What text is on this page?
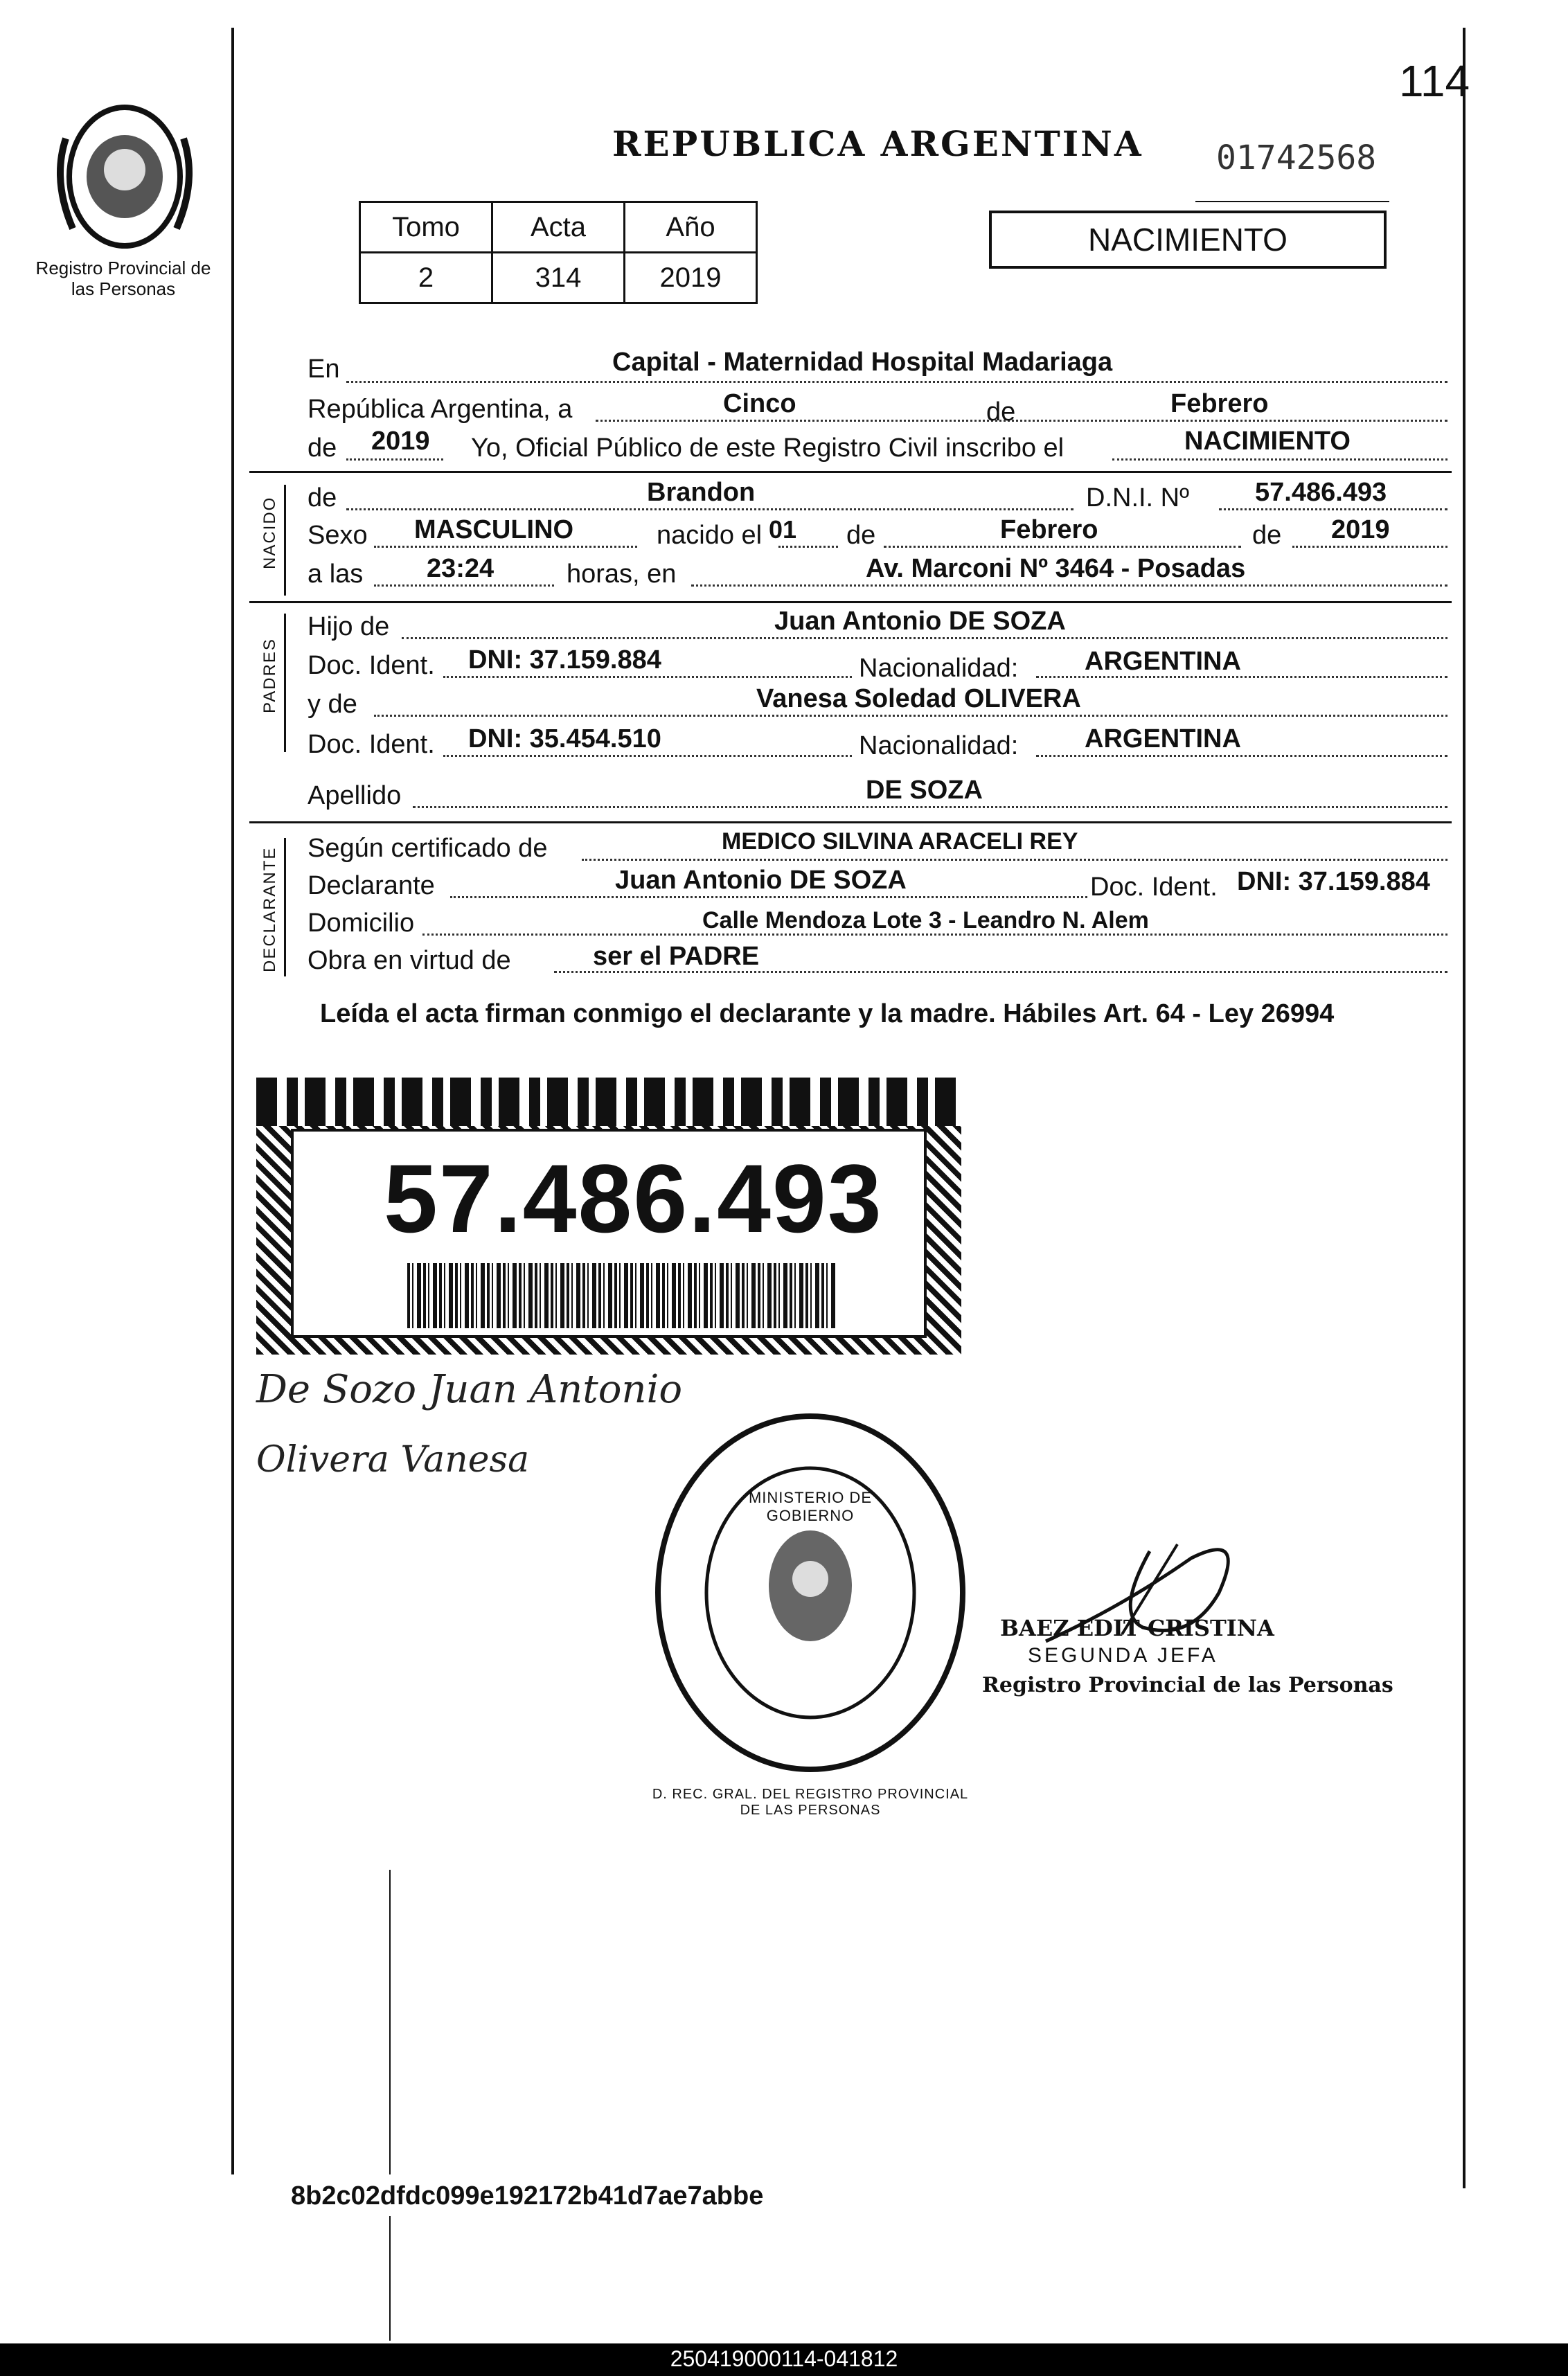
114
Registro Provincial de las Personas
REPUBLICA ARGENTINA 01742568
NACIMIENTO
Tomo	Acta	Año
2	314	2019
En	Capital - Maternidad Hospital Madariaga
República Argentina, a	Cinco	de	Febrero
de 2019 Yo, Oficial Público de este Registro Civil inscribo el	NACIMIENTO
NACIDO de	Brandon	D.N.I. Nº	57.486.493
Sexo MASCULINO	nacido el 01 de	Febrero	de 2019
a las 23:24	horas, en	Av. Marconi Nº 3464 - Posadas
PADRES
Hijo de	Juan Antonio DE SOZA
Doc. Ident. DNI: 37.159.884	Nacionalidad:	ARGENTINA
y de	Vanesa Soledad OLIVERA
Doc. Ident. DNI: 35.454.510	Nacionalidad:	ARGENTINA
Apellido	DE SOZA
DECLARANTE Según certificado de	MEDICO SILVINA ARACELI REY
Declarante	Juan Antonio DE SOZA	Doc. Ident. DNI: 37.159.884
Domicilio	Calle Mendoza Lote 3 - Leandro N. Alem
Obra en virtud de	ser el PADRE
Leída el acta firman conmigo el declarante y la madre. Hábiles Art. 64 - Ley 26994
57.486.493
De Sozo Juan Antonio
Olivera Vanesa
D. REC. GRAL. DEL REGISTRO PROVINCIAL DE LAS PERSONAS
MINISTERIO DE GOBIERNO
BAEZ EDIT CRISTINA
SEGUNDA JEFA
Registro Provincial de las Personas
8b2c02dfdc099e192172b41d7ae7abbe
250419000114-041812
